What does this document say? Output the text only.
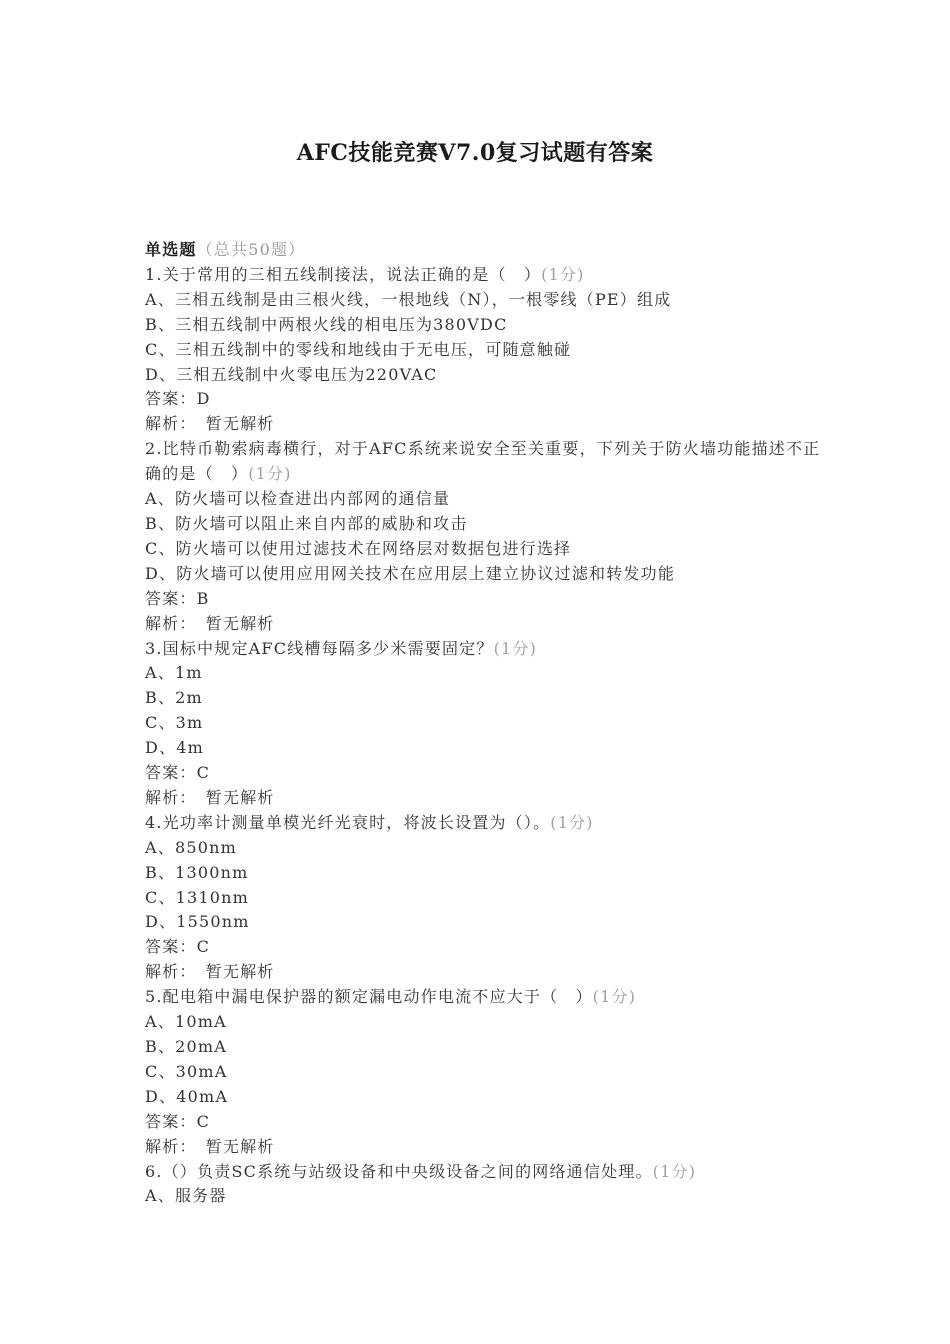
AFC技能竞赛V7.0复习试题有答案
单选题（总共50题）
1.关于常用的三相五线制接法，说法正确的是（　）(1分)
A、三相五线制是由三根火线，一根地线（N），一根零线（PE）组成
B、三相五线制中两根火线的相电压为380VDC
C、三相五线制中的零线和地线由于无电压，可随意触碰
D、三相五线制中火零电压为220VAC
答案：D
解析：　暂无解析
2.比特币勒索病毒横行，对于AFC系统来说安全至关重要，下列关于防火墙功能描述不正确的是（　）(1分)
A、防火墙可以检查进出内部网的通信量
B、防火墙可以阻止来自内部的威胁和攻击
C、防火墙可以使用过滤技术在网络层对数据包进行选择
D、防火墙可以使用应用网关技术在应用层上建立协议过滤和转发功能
答案：B
解析：　暂无解析
3.国标中规定AFC线槽每隔多少米需要固定？(1分)
A、1m
B、2m
C、3m
D、4m
答案：C
解析：　暂无解析
4.光功率计测量单模光纤光衰时，将波长设置为（）。(1分)
A、850nm
B、1300nm
C、1310nm
D、1550nm
答案：C
解析：　暂无解析
5.配电箱中漏电保护器的额定漏电动作电流不应大于（　）(1分)
A、10mA
B、20mA
C、30mA
D、40mA
答案：C
解析：　暂无解析
6.（）负责SC系统与站级设备和中央级设备之间的网络通信处理。(1分)
A、服务器
